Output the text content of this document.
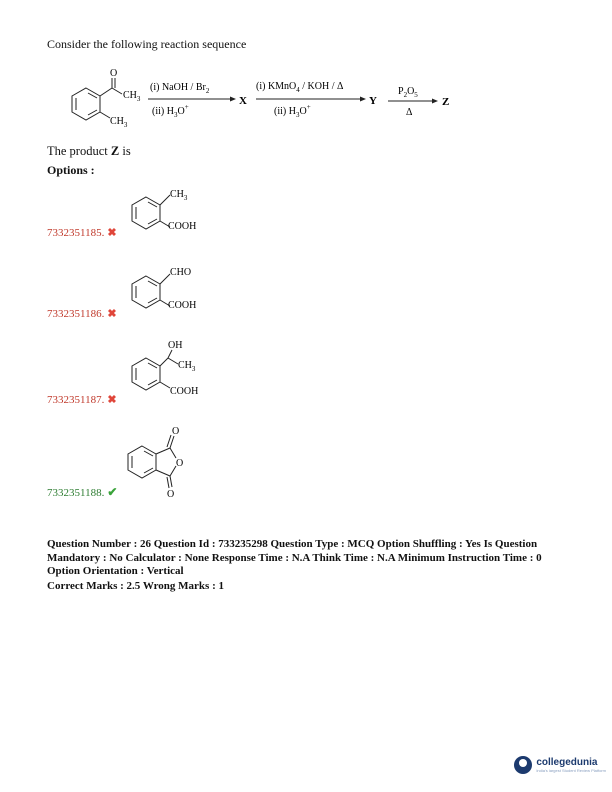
Consider the following reaction sequence
O
$CH_3$
$CH_3$
(i) NaOH / $Br_2$
(ii) $H_3O^+$	X
(i) KMnO$_4$ / KOH / Δ
(ii) $H_3O^+$	Y
$P_2O_5$
Δ
Z
The product Z is
Options :
$CH_3$
COOH
7332351185. ✖
CHO
COOH
7332351186. ✖
OH
$CH_3$
COOH
7332351187. ✖
O
O
O
7332351188. ✔
Question Number : 26 Question Id : 733235298 Question Type : MCQ Option Shuffling : Yes Is Question Mandatory : No Calculator : None Response Time : N.A Think Time : N.A Minimum Instruction Time : 0 Option Orientation : Vertical
Correct Marks : 2.5 Wrong Marks : 1
collegedunia
India's largest Student Review Platform
